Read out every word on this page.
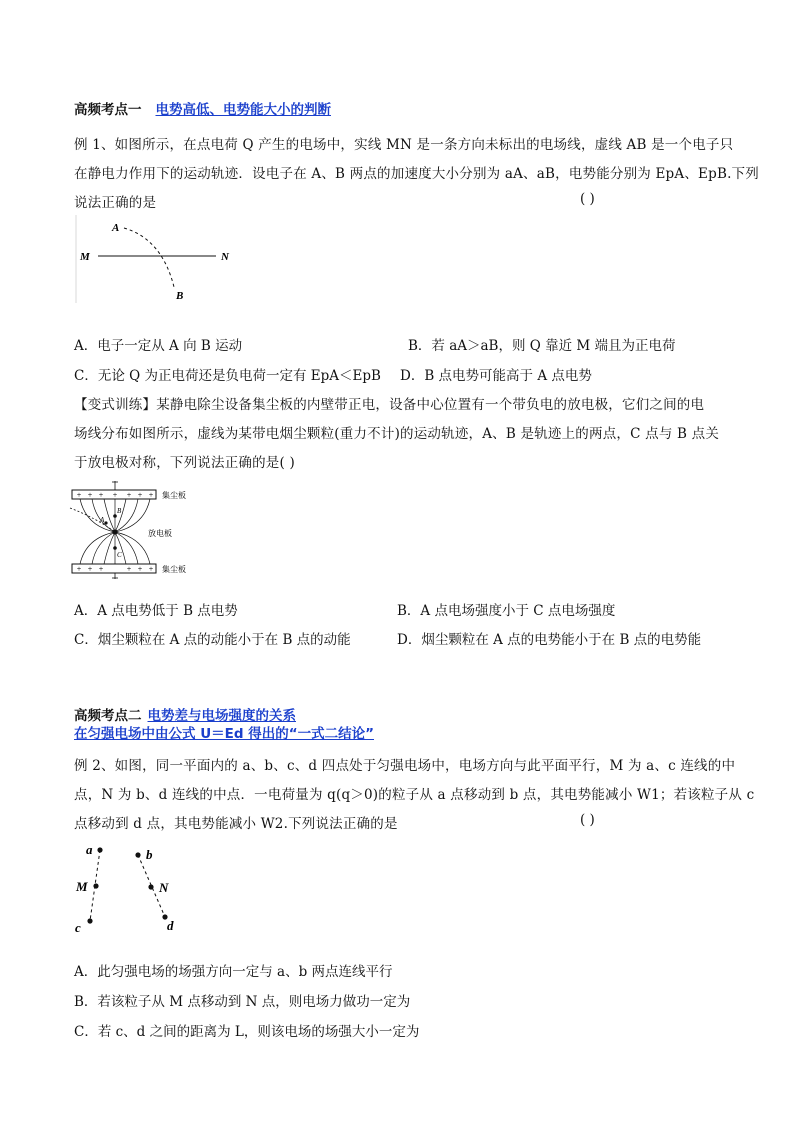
高频考点一 电势高低、电势能大小的判断
例 1、如图所示，在点电荷 Q 产生的电场中，实线 MN 是一条方向未标出的电场线，虚线 AB 是一个电子只
在静电力作用下的运动轨迹．设电子在 A、B 两点的加速度大小分别为 aA、aB，电势能分别为 EpA、EpB.下列
说法正确的是	( )
A
M	N
B
A．电子一定从 A 向 B 运动	B．若 aA＞aB，则 Q 靠近 M 端且为正电荷
C．无论 Q 为正电荷还是负电荷一定有 EpA＜EpB D．B 点电势可能高于 A 点电势
【变式训练】某静电除尘设备集尘板的内壁带正电，设备中心位置有一个带负电的放电极，它们之间的电
场线分布如图所示，虚线为某带电烟尘颗粒(重力不计)的运动轨迹，A、B 是轨迹上的两点，C 点与 B 点关
于放电极对称，下列说法正确的是( )
+ + + + + + +
+ + +	+ + +
B
A
C
集尘板
放电板
集尘板
A．A 点电势低于 B 点电势	B．A 点电场强度小于 C 点电场强度
C．烟尘颗粒在 A 点的动能小于在 B 点的动能	D．烟尘颗粒在 A 点的电势能小于在 B 点的电势能
高频考点二 电势差与电场强度的关系
在匀强电场中由公式 U＝Ed 得出的“一式二结论”
例 2、如图，同一平面内的 a、b、c、d 四点处于匀强电场中，电场方向与此平面平行，M 为 a、c 连线的中
点，N 为 b、d 连线的中点．一电荷量为 q(q＞0)的粒子从 a 点移动到 b 点，其电势能减小 W1；若该粒子从 c
点移动到 d 点，其电势能减小 W2.下列说法正确的是	( )
a
M
c
b
N
d
A．此匀强电场的场强方向一定与 a、b 两点连线平行
B．若该粒子从 M 点移动到 N 点，则电场力做功一定为
C．若 c、d 之间的距离为 L，则该电场的场强大小一定为
